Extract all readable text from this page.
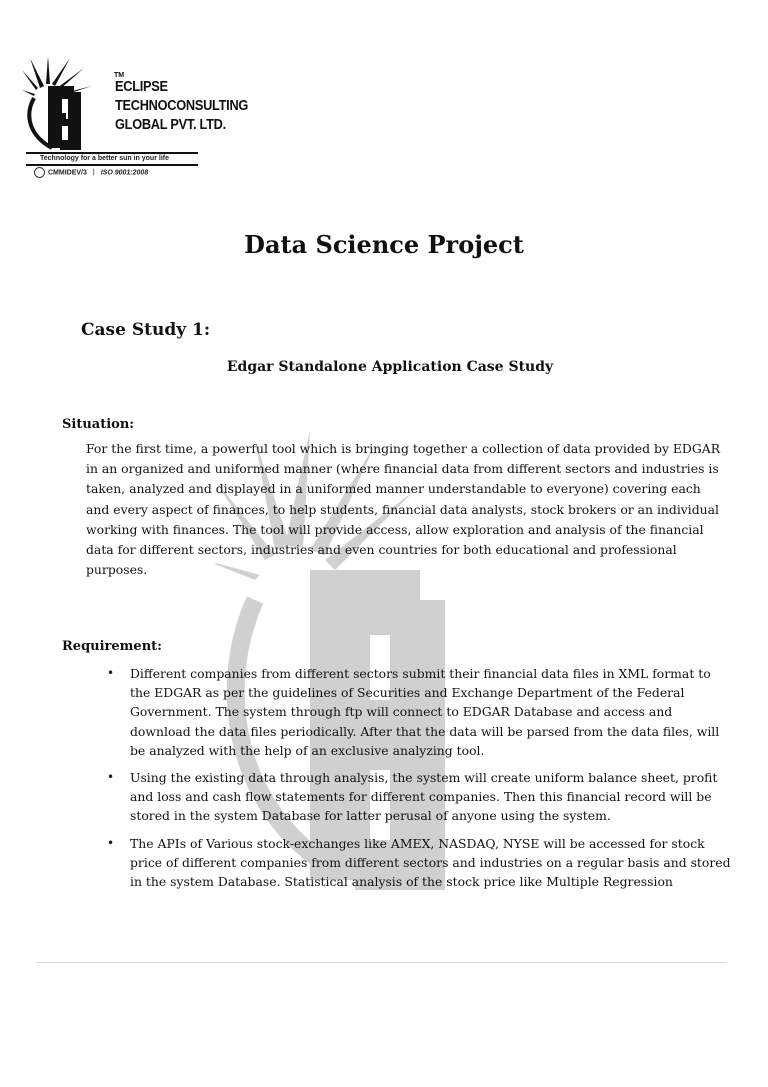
TM
ECLIPSE
TECHNOCONSULTING
GLOBAL PVT. LTD.
Technology for a better sun in your life
CMMIDEV/3 | ISO 9001:2008
Data Science Project
Case Study 1:
Edgar Standalone Application Case Study
Situation:
For the first time, a powerful tool which is bringing together a collection of data provided by EDGAR in an organized and uniformed manner (where financial data from different sectors and industries is taken, analyzed and displayed in a uniformed manner understandable to everyone) covering each and every aspect of finances, to help students, financial data analysts, stock brokers or an individual working with finances. The tool will provide access, allow exploration and analysis of the financial data for different sectors, industries and even countries for both educational and professional purposes.
Requirement:
• Different companies from different sectors submit their financial data files in XML format to the EDGAR as per the guidelines of Securities and Exchange Department of the Federal Government. The system through ftp will connect to EDGAR Database and access and download the data files periodically. After that the data will be parsed from the data files, will be analyzed with the help of an exclusive analyzing tool.
• Using the existing data through analysis, the system will create uniform balance sheet, profit and loss and cash flow statements for different companies. Then this financial record will be stored in the system Database for latter perusal of anyone using the system.
• The APIs of Various stock-exchanges like AMEX, NASDAQ, NYSE will be accessed for stock price of different companies from different sectors and industries on a regular basis and stored in the system Database. Statistical analysis of the stock price like Multiple Regression
